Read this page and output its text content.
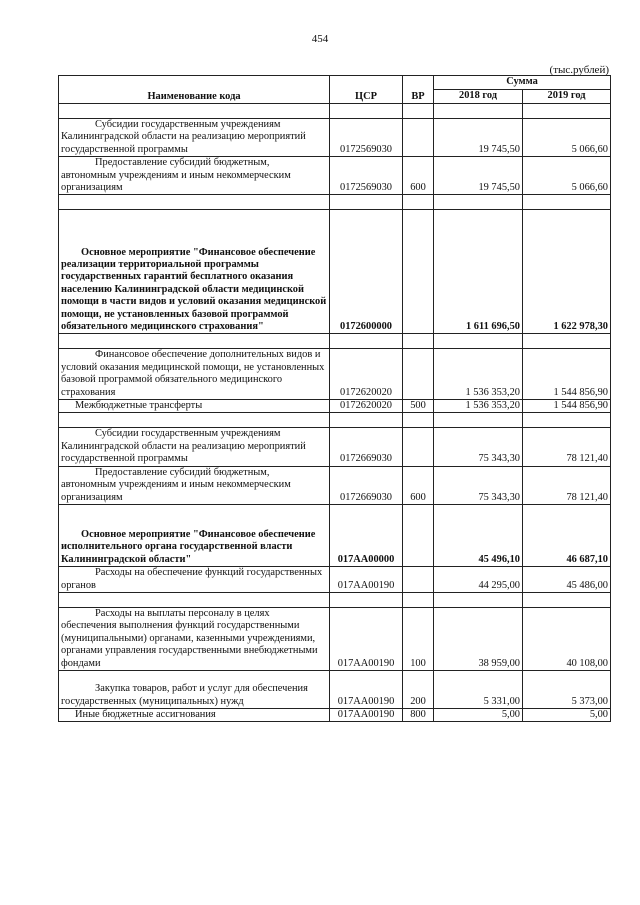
454
(тыс.рублей)
Наименование кода	ЦСР	ВР	Сумма	
			2018 год	2019 год

Субсидии государственным учреждениям Калининградской области на реализацию мероприятий государственной программы	0172569030		19 745,50	5 066,60
Предоставление субсидий бюджетным, автономным учреждениям и иным некоммерческим организациям	0172569030	600	19 745,50	5 066,60

Основное мероприятие "Финансовое обеспечение реализации территориальной программы государственных гарантий бесплатного оказания населению Калининградской области медицинской помощи в части видов и условий оказания медицинской помощи, не установленных базовой программой обязательного медицинского страхования"	0172600000		1 611 696,50	1 622 978,30

Финансовое обеспечение дополнительных видов и условий оказания медицинской помощи, не установленных базовой программой обязательного медицинского страхования	0172620020		1 536 353,20	1 544 856,90
Межбюджетные трансферты	0172620020	500	1 536 353,20	1 544 856,90

Субсидии государственным учреждениям Калининградской области на реализацию мероприятий государственной программы	0172669030		75 343,30	78 121,40
Предоставление субсидий бюджетным, автономным учреждениям и иным некоммерческим организациям	0172669030	600	75 343,30	78 121,40
Основное мероприятие "Финансовое обеспечение исполнительного органа государственной власти Калининградской области"	017АА00000		45 496,10	46 687,10
Расходы на обеспечение функций государственных органов	017АА00190		44 295,00	45 486,00

Расходы на выплаты персоналу в целях обеспечения выполнения функций государственными (муниципальными) органами, казенными учреждениями, органами управления государственными внебюджетными фондами	017АА00190	100	38 959,00	40 108,00
Закупка товаров, работ и услуг для обеспечения государственных (муниципальных) нужд	017АА00190	200	5 331,00	5 373,00
Иные бюджетные ассигнования	017АА00190	800	5,00	5,00
